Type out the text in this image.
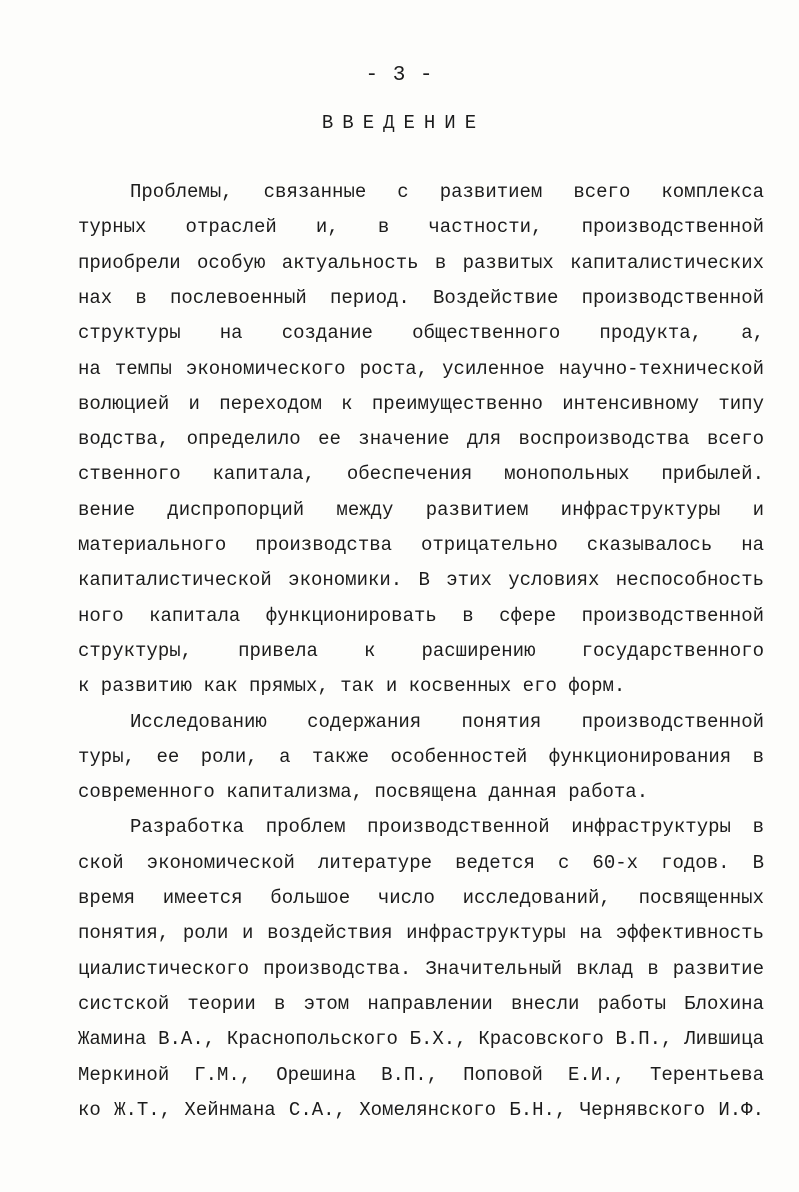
- 3 -
ВВЕДЕНИЕ
Проблемы, связанные с развитием всего комплекса
турных отраслей и, в частности, производственной
приобрели особую актуальность в развитых капиталистических
нах в послевоенный период. Воздействие производственной
структуры на создание общественного продукта, а,
на темпы экономического роста, усиленное научно-технической
волюцией и переходом к преимущественно интенсивному типу
водства, определило ее значение для воспроизводства всего
ственного капитала, обеспечения монопольных прибылей.
вение диспропорций между развитием инфраструктуры и
материального производства отрицательно сказывалось на
капиталистической экономики. В этих условиях неспособность
ного капитала функционировать в сфере производственной
структуры, привела к расширению государственного
к развитию как прямых, так и косвенных его форм.
Исследованию содержания понятия производственной
туры, ее роли, а также особенностей функционирования в
современного капитализма, посвящена данная работа.
Разработка проблем производственной инфраструктуры в
ской экономической литературе ведется с 60-х годов. В
время имеется большое число исследований, посвященных
понятия, роли и воздействия инфраструктуры на эффективность
циалистического производства. Значительный вклад в развитие
систской теории в этом направлении внесли работы Блохина
Жамина В.А., Краснопольского Б.Х., Красовского В.П., Лившица
Меркиной Г.М., Орешина В.П., Поповой Е.И., Терентьева
ко Ж.Т., Хейнмана С.А., Хомелянского Б.Н., Чернявского И.Ф.
